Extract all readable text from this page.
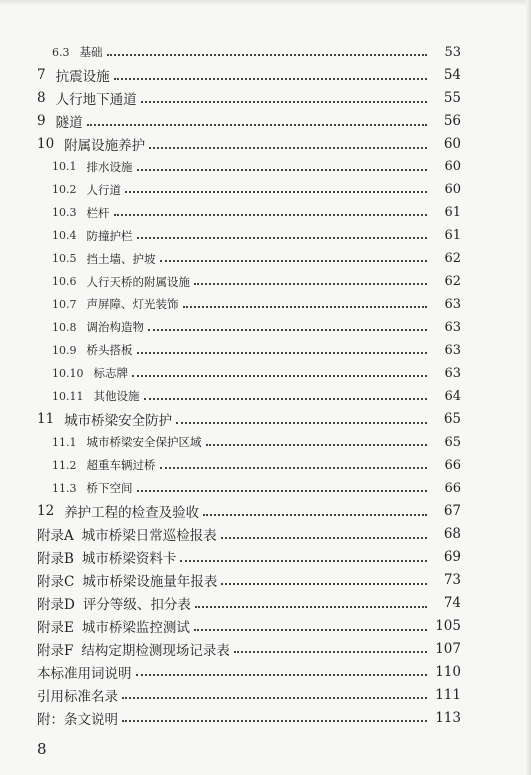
6.3 基础	53
7 抗震设施	54
8 人行地下通道	55
9 隧道	56
10 附属设施养护	60
10.1 排水设施	60
10.2 人行道	60
10.3 栏杆	61
10.4 防撞护栏	61
10.5 挡土墙、护坡	62
10.6 人行天桥的附属设施	62
10.7 声屏障、灯光装饰	63
10.8 调治构造物	63
10.9 桥头搭板	63
10.10 标志牌	63
10.11 其他设施	64
11 城市桥梁安全防护	65
11.1 城市桥梁安全保护区域	65
11.2 超重车辆过桥	66
11.3 桥下空间	66
12 养护工程的检查及验收	67
附录A 城市桥梁日常巡检报表	68
附录B 城市桥梁资料卡	69
附录C 城市桥梁设施量年报表	73
附录D 评分等级、扣分表	74
附录E 城市桥梁监控测试	105
附录F 结构定期检测现场记录表	107
本标准用词说明	110
引用标准名录	111
附：条文说明	113
8
